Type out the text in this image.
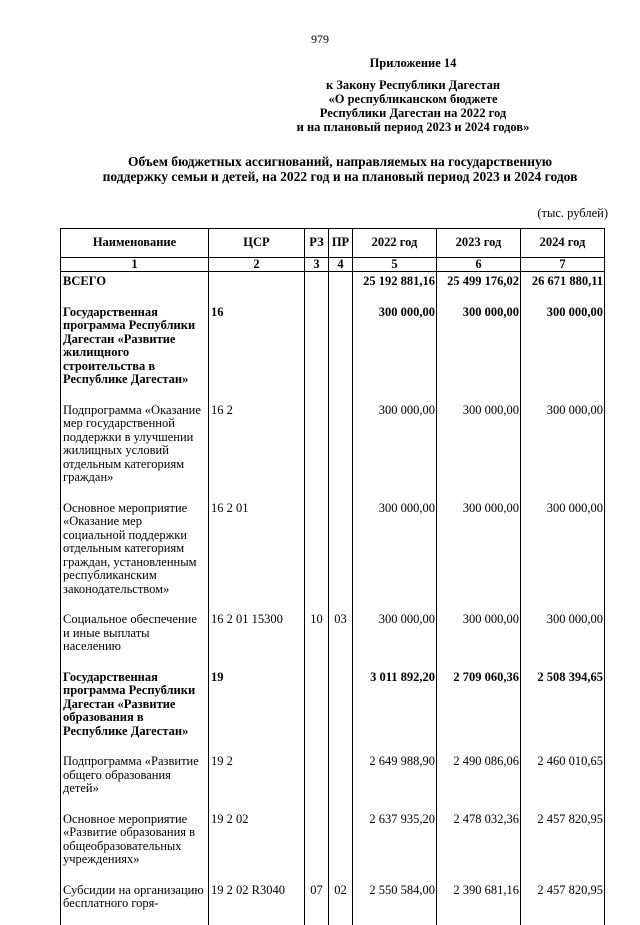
979
Приложение 14
к Закону Республики Дагестан
«О республиканском бюджете
Республики Дагестан на 2022 год
и на плановый период 2023 и 2024 годов»
Объем бюджетных ассигнований, направляемых на государственную
поддержку семьи и детей, на 2022 год и на плановый период 2023 и 2024 годов
(тыс. рублей)
Наименование	ЦСР	РЗ	ПР	2022 год	2023 год	2024 год
1	2	3	4	5	6	7
ВСЕГО				25 192 881,16	25 499 176,02	26 671 880,11
Государственная программа Республики Дагестан «Развитие жилищного строительства в Республике Дагестан»	16			300 000,00	300 000,00	300 000,00
Подпрограмма «Оказание мер государственной поддержки в улучшении жилищных условий отдельным категориям граждан»	16 2			300 000,00	300 000,00	300 000,00
Основное мероприятие «Оказание мер социальной поддержки отдельным категориям граждан, установленным республиканским законодательством»	16 2 01			300 000,00	300 000,00	300 000,00
Социальное обеспечение и иные выплаты населению	16 2 01 15300	10	03	300 000,00	300 000,00	300 000,00
Государственная программа Республики Дагестан «Развитие образования в Республике Дагестан»	19			3 011 892,20	2 709 060,36	2 508 394,65
Подпрограмма «Развитие общего образования детей»	19 2			2 649 988,90	2 490 086,06	2 460 010,65
Основное мероприятие «Развитие образования в общеобразовательных учреждениях»	19 2 02			2 637 935,20	2 478 032,36	2 457 820,95
Субсидии на организацию бесплатного горя-	19 2 02 R3040	07	02	2 550 584,00	2 390 681,16	2 457 820,95
